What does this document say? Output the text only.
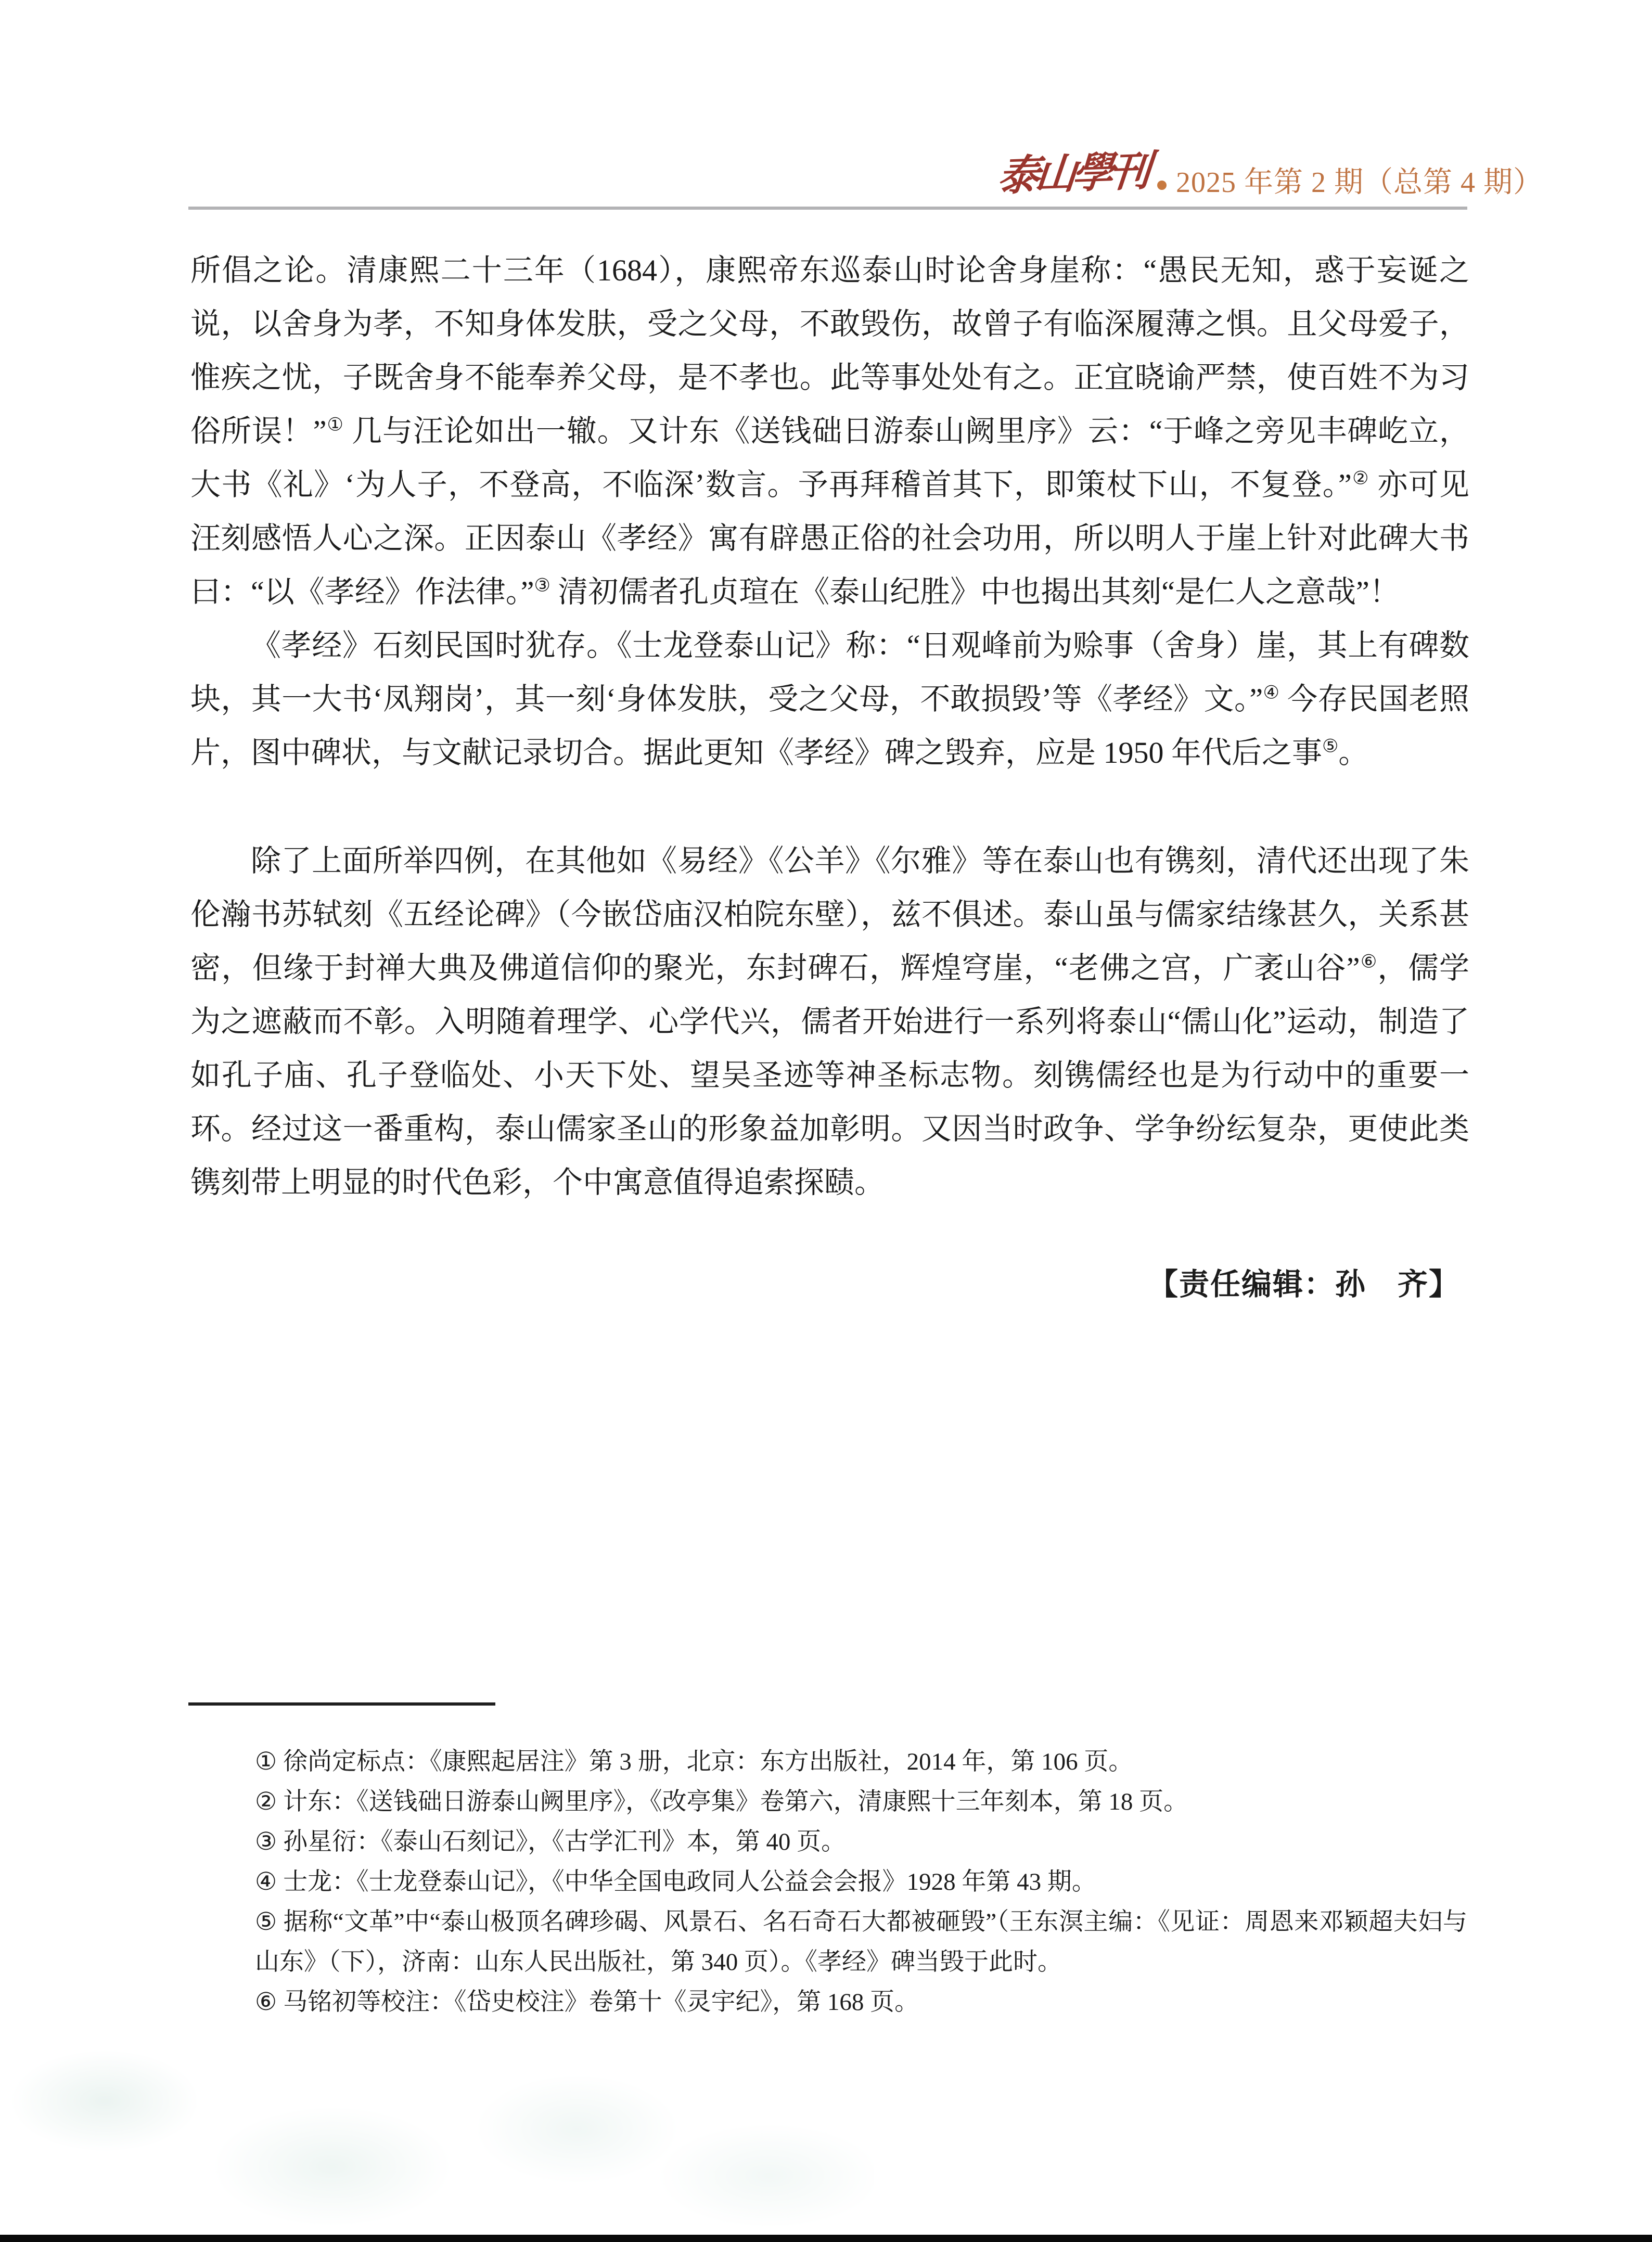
泰山學刊 2025 年第 2 期（总第 4 期）

所倡之论。清康熙二十三年（1684），康熙帝东巡泰山时论舍身崖称：“愚民无知，惑于妄诞之说，以舍身为孝，不知身体发肤，受之父母，不敢毁伤，故曾子有临深履薄之惧。且父母爱子，惟疾之忧，子既舍身不能奉养父母，是不孝也。此等事处处有之。正宜晓谕严禁，使百姓不为习俗所误！”① 几与汪论如出一辙。又计东《送钱础日游泰山阙里序》云：“于峰之旁见丰碑屹立，大书《礼》‘为人子，不登高，不临深’数言。予再拜稽首其下，即策杖下山，不复登。”② 亦可见汪刻感悟人心之深。正因泰山《孝经》寓有辟愚正俗的社会功用，所以明人于崖上针对此碑大书曰：“以《孝经》作法律。”③ 清初儒者孔贞瑄在《泰山纪胜》中也揭出其刻“是仁人之意哉”！

《孝经》石刻民国时犹存。《士龙登泰山记》称：“日观峰前为赊事（舍身）崖，其上有碑数块，其一大书‘凤翔岗’，其一刻‘身体发肤，受之父母，不敢损毁’等《孝经》文。”④ 今存民国老照片，图中碑状，与文献记录切合。据此更知《孝经》碑之毁弃，应是 1950 年代后之事⑤。

除了上面所举四例，在其他如《易经》《公羊》《尔雅》等在泰山也有镌刻，清代还出现了朱伦瀚书苏轼刻《五经论碑》（今嵌岱庙汉柏院东壁），兹不俱述。泰山虽与儒家结缘甚久，关系甚密，但缘于封禅大典及佛道信仰的聚光，东封碑石，辉煌穹崖，“老佛之宫，广袤山谷”⑥，儒学为之遮蔽而不彰。入明随着理学、心学代兴，儒者开始进行一系列将泰山“儒山化”运动，制造了如孔子庙、孔子登临处、小天下处、望吴圣迹等神圣标志物。刻镌儒经也是为行动中的重要一环。经过这一番重构，泰山儒家圣山的形象益加彰明。又因当时政争、学争纷纭复杂，更使此类镌刻带上明显的时代色彩，个中寓意值得追索探赜。

【责任编辑：孙　齐】

① 徐尚定标点：《康熙起居注》第 3 册，北京：东方出版社，2014 年，第 106 页。
② 计东：《送钱础日游泰山阙里序》，《改亭集》卷第六，清康熙十三年刻本，第 18 页。
③ 孙星衍：《泰山石刻记》，《古学汇刊》本，第 40 页。
④ 士龙：《士龙登泰山记》，《中华全国电政同人公益会会报》1928 年第 43 期。
⑤ 据称“文革”中“泰山极顶名碑珍碣、风景石、名石奇石大都被砸毁”（王东溟主编：《见证：周恩来邓颖超夫妇与山东》（下），济南：山东人民出版社，第 340 页）。《孝经》碑当毁于此时。
⑥ 马铭初等校注：《岱史校注》卷第十《灵宇纪》，第 168 页。
